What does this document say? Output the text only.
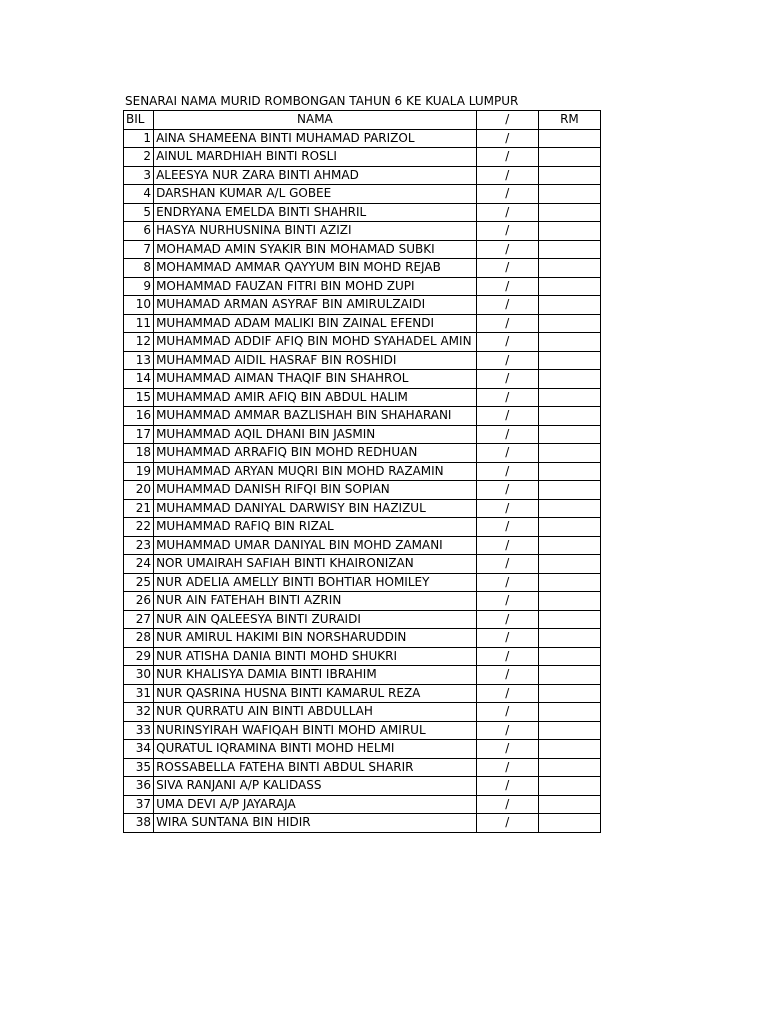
SENARAI NAMA MURID ROMBONGAN TAHUN 6 KE KUALA LUMPUR
BIL	NAMA	/	RM
1	AINA SHAMEENA BINTI MUHAMAD PARIZOL	/	
2	AINUL MARDHIAH BINTI ROSLI	/	
3	ALEESYA NUR ZARA BINTI AHMAD	/	
4	DARSHAN KUMAR A/L GOBEE	/	
5	ENDRYANA EMELDA BINTI SHAHRIL	/	
6	HASYA NURHUSNINA BINTI AZIZI	/	
7	MOHAMAD AMIN SYAKIR BIN MOHAMAD SUBKI	/	
8	MOHAMMAD AMMAR QAYYUM BIN MOHD REJAB	/	
9	MOHAMMAD FAUZAN FITRI BIN MOHD ZUPI	/	
10	MUHAMAD ARMAN ASYRAF BIN AMIRULZAIDI	/	
11	MUHAMMAD ADAM MALIKI BIN ZAINAL EFENDI	/	
12	MUHAMMAD ADDIF AFIQ BIN MOHD SYAHADEL AMIN	/	
13	MUHAMMAD AIDIL HASRAF BIN ROSHIDI	/	
14	MUHAMMAD AIMAN THAQIF BIN SHAHROL	/	
15	MUHAMMAD AMIR AFIQ BIN ABDUL HALIM	/	
16	MUHAMMAD AMMAR BAZLISHAH BIN SHAHARANI	/	
17	MUHAMMAD AQIL DHANI BIN JASMIN	/	
18	MUHAMMAD ARRAFIQ BIN MOHD REDHUAN	/	
19	MUHAMMAD ARYAN MUQRI BIN MOHD RAZAMIN	/	
20	MUHAMMAD DANISH RIFQI BIN SOPIAN	/	
21	MUHAMMAD DANIYAL DARWISY BIN HAZIZUL	/	
22	MUHAMMAD RAFIQ BIN RIZAL	/	
23	MUHAMMAD UMAR DANIYAL BIN MOHD ZAMANI	/	
24	NOR UMAIRAH SAFIAH BINTI KHAIRONIZAN	/	
25	NUR ADELIA AMELLY BINTI BOHTIAR HOMILEY	/	
26	NUR AIN FATEHAH BINTI AZRIN	/	
27	NUR AIN QALEESYA BINTI ZURAIDI	/	
28	NUR AMIRUL HAKIMI BIN NORSHARUDDIN	/	
29	NUR ATISHA DANIA BINTI MOHD SHUKRI	/	
30	NUR KHALISYA DAMIA BINTI IBRAHIM	/	
31	NUR QASRINA HUSNA BINTI KAMARUL REZA	/	
32	NUR QURRATU AIN BINTI ABDULLAH	/	
33	NURINSYIRAH WAFIQAH BINTI MOHD AMIRUL	/	
34	QURATUL IQRAMINA BINTI MOHD HELMI	/	
35	ROSSABELLA FATEHA BINTI ABDUL SHARIR	/	
36	SIVA RANJANI A/P KALIDASS	/	
37	UMA DEVI A/P JAYARAJA	/	
38	WIRA SUNTANA BIN HIDIR	/	
